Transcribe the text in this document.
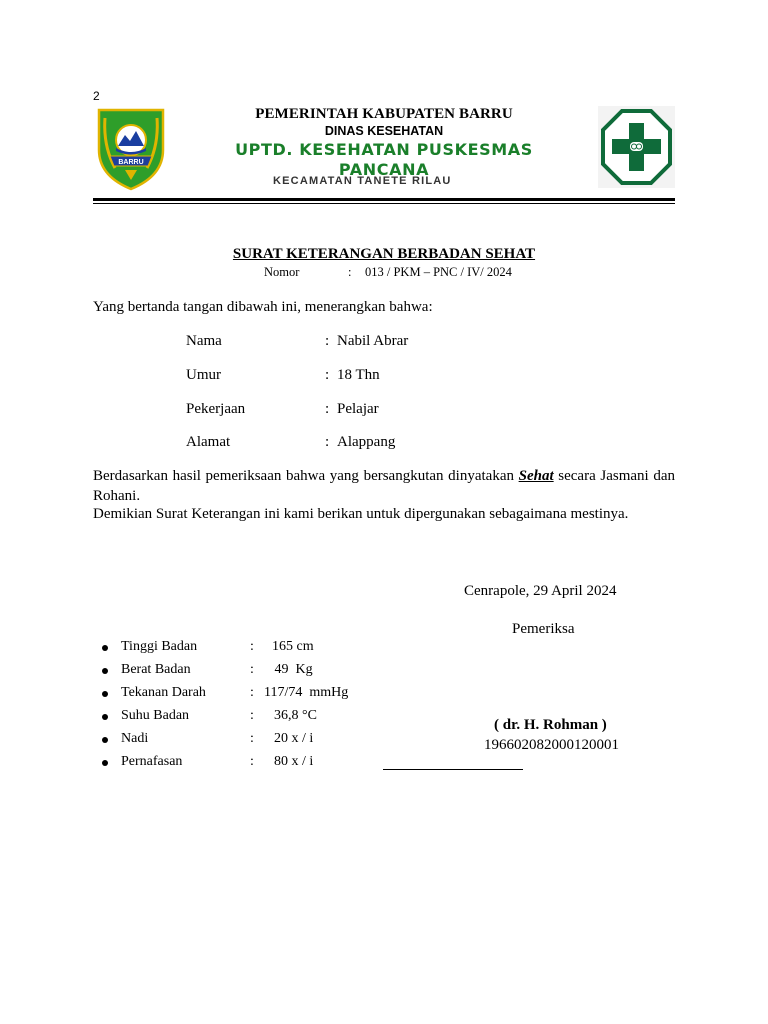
2
BARRU
PEMERINTAH KABUPATEN BARRU
DINAS KESEHATAN
UPTD. KESEHATAN PUSKESMAS
PANCANA
KECAMATAN TANETE RILAU
SURAT KETERANGAN BERBADAN SEHAT
Nomor	: 013 / PKM – PNC / IV/ 2024
Yang bertanda tangan dibawah ini, menerangkan bahwa:
Nama	: Nabil Abrar
Umur	: 18 Thn
Pekerjaan	: Pelajar
Alamat	: Alappang
Berdasarkan hasil pemeriksaan bahwa yang bersangkutan dinyatakan Sehat secara Jasmani dan Rohani.
Demikian Surat Keterangan ini kami berikan untuk dipergunakan sebagaimana mestinya.
Cenrapole, 29 April 2024
Pemeriksa
( dr. H. Rohman )
196602082000120001
Tinggi Badan	: 165 cm
Berat Badan	: 49  Kg
Tekanan Darah	: 117/74  mmHg
Suhu Badan	: 36,8 °C
Nadi	: 20 x / i
Pernafasan	: 80 x / i
